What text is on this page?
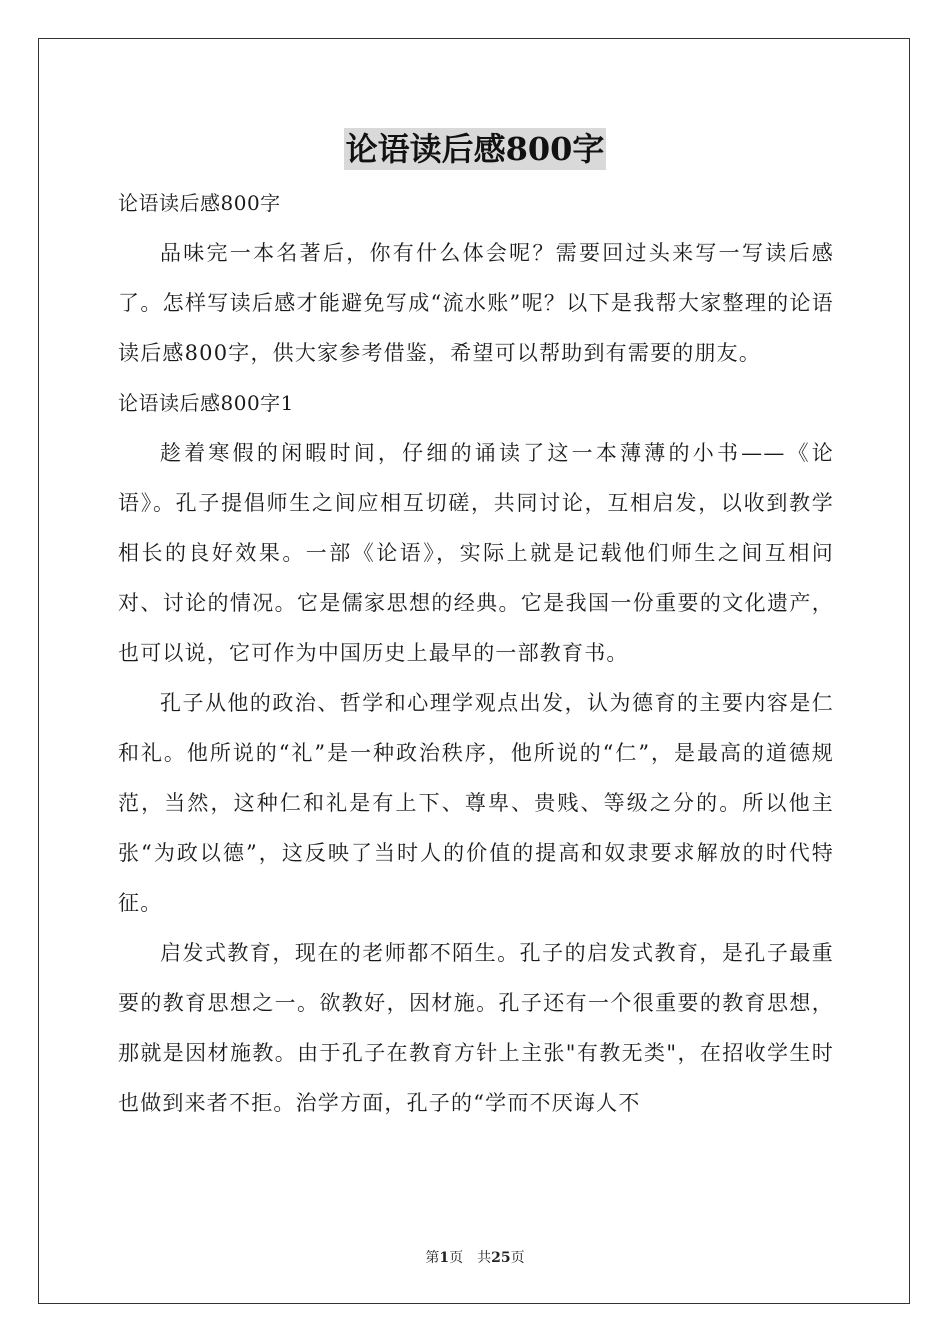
论语读后感800字

论语读后感800字

品味完一本名著后，你有什么体会呢？需要回过头来写一写读后感了。怎样写读后感才能避免写成“流水账”呢？以下是我帮大家整理的论语读后感800字，供大家参考借鉴，希望可以帮助到有需要的朋友。

论语读后感800字1

趁着寒假的闲暇时间，仔细的诵读了这一本薄薄的小书——《论语》。孔子提倡师生之间应相互切磋，共同讨论，互相启发，以收到教学相长的良好效果。一部《论语》，实际上就是记载他们师生之间互相问对、讨论的情况。它是儒家思想的经典。它是我国一份重要的文化遗产，也可以说，它可作为中国历史上最早的一部教育书。

孔子从他的政治、哲学和心理学观点出发，认为德育的主要内容是仁和礼。他所说的“礼”是一种政治秩序，他所说的“仁”，是最高的道德规范，当然，这种仁和礼是有上下、尊卑、贵贱、等级之分的。所以他主张“为政以德”，这反映了当时人的价值的提高和奴隶要求解放的时代特征。

启发式教育，现在的老师都不陌生。孔子的启发式教育，是孔子最重要的教育思想之一。欲教好，因材施。孔子还有一个很重要的教育思想，那就是因材施教。由于孔子在教育方针上主张"有教无类"，在招收学生时也做到来者不拒。治学方面，孔子的“学而不厌诲人不

第1页 共25页
